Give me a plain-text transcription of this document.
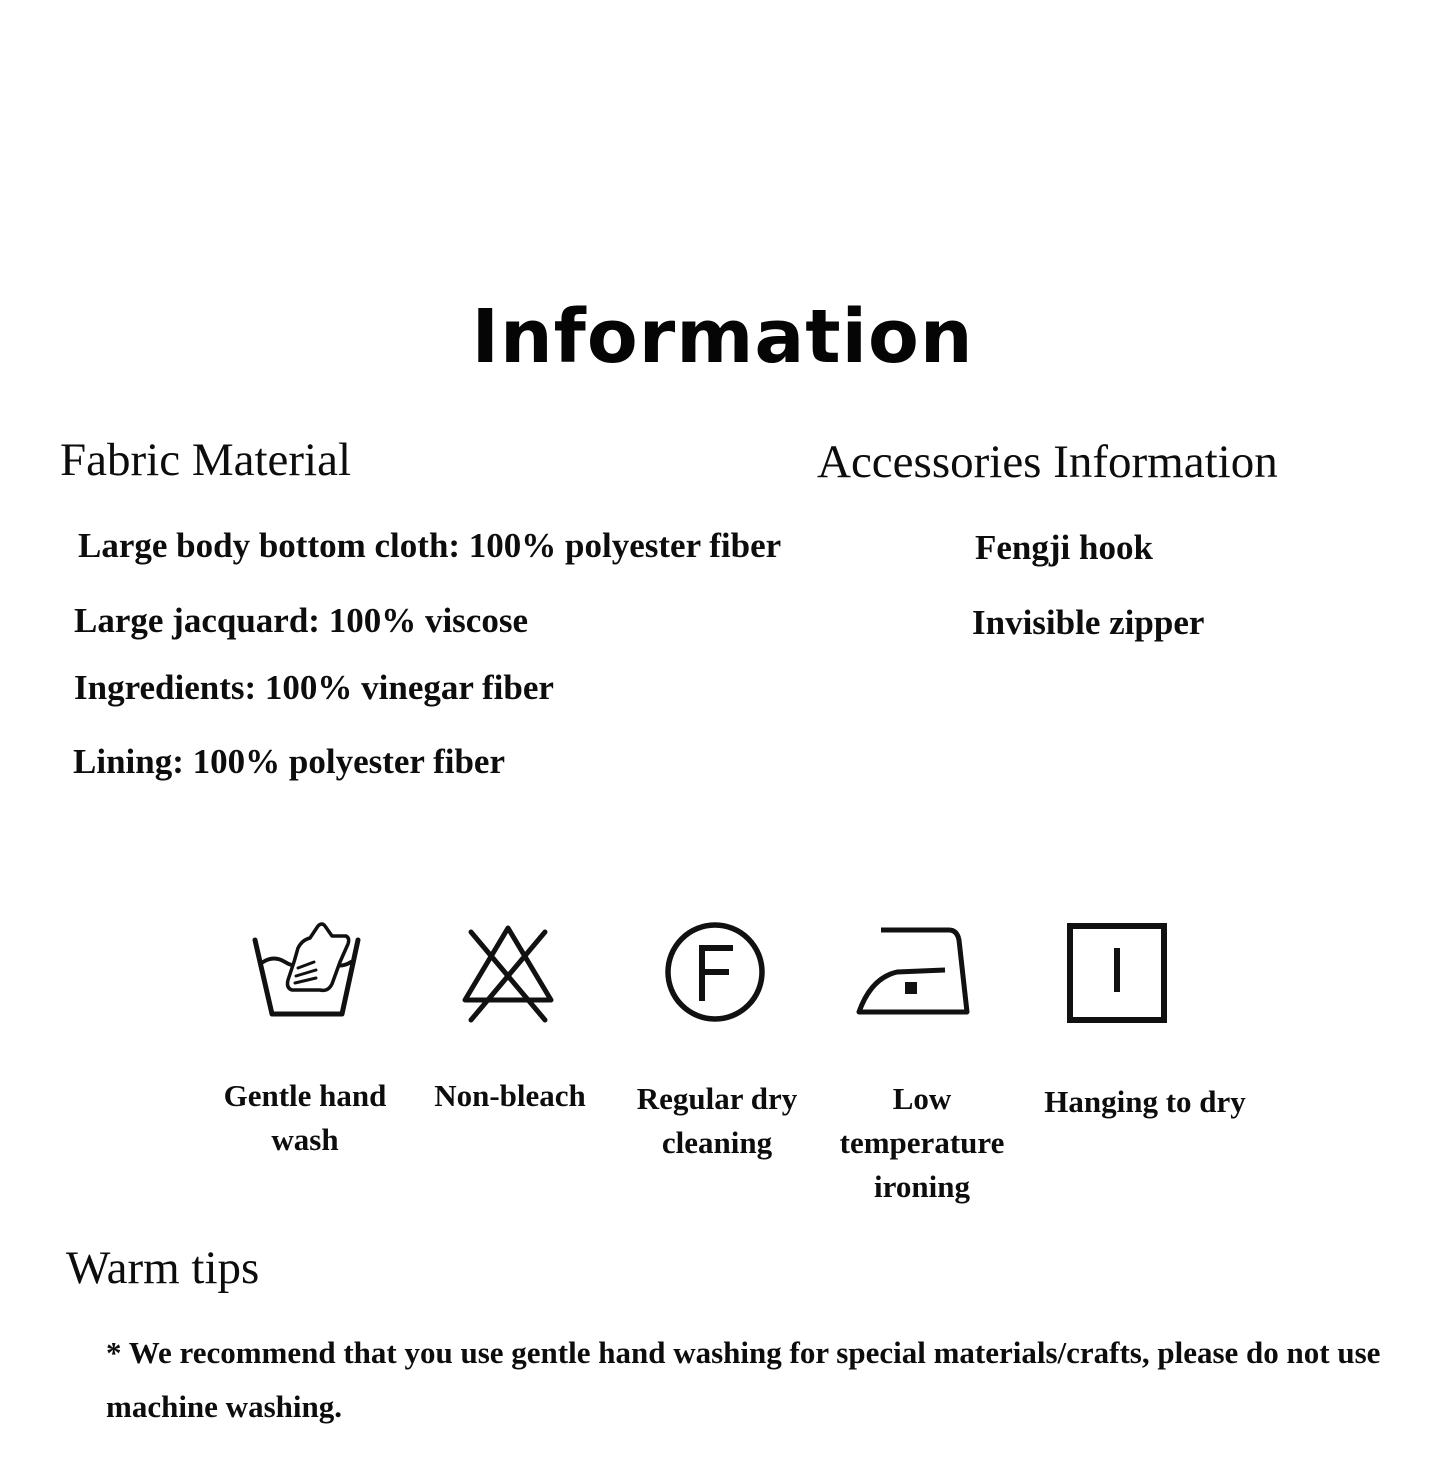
Information
Fabric Material
Large body bottom cloth: 100% polyester fiber
Large jacquard: 100% viscose
Ingredients: 100% vinegar fiber
Lining: 100% polyester fiber
Accessories Information
Fengji hook
Invisible zipper
Gentle hand wash
Non-bleach	Regular dry cleaning
Low temperature ironing
Hanging to dry
Warm tips
* We recommend that you use gentle hand washing for special materials/crafts, please do not use machine washing.
